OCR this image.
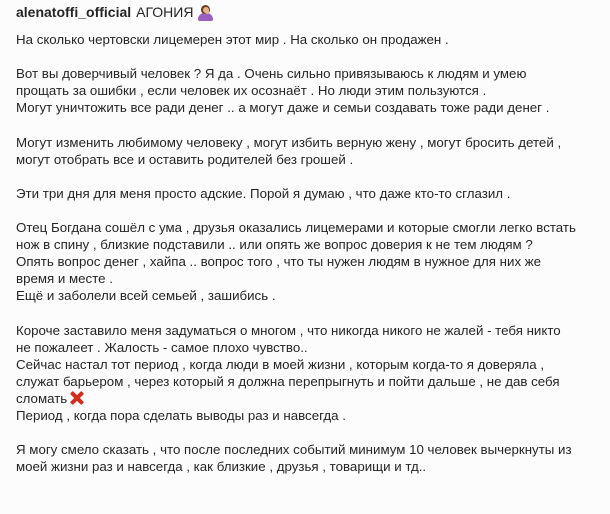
alenatoffi_official АГОНИЯ
На сколько чертовски лицемерен этот мир . На сколько он продажен .
Вот вы доверчивый человек ? Я да . Очень сильно привязываюсь к людям и умею
прощать за ошибки , если человек их осознаёт . Но люди этим пользуются .
Могут уничтожить все ради денег .. а могут даже и семьи создавать тоже ради денег .
Могут изменить любимому человеку , могут избить верную жену , могут бросить детей ,
могут отобрать все и оставить родителей без грошей .
Эти три дня для меня просто адские. Порой я думаю , что даже кто-то сглазил .
Отец Богдана сошёл с ума , друзья оказались лицемерами и которые смогли легко встать
нож в спину , близкие подставили .. или опять же вопрос доверия к не тем людям ?
Опять вопрос денег , хайпа .. вопрос того , что ты нужен людям в нужное для них же
время и месте .
Ещё и заболели всей семьей , зашибись .
Короче заставило меня задуматься о многом , что никогда никого не жалей - тебя никто
не пожалеет . Жалость - самое плохо чувство..
Сейчас настал тот период , когда люди в моей жизни , которым когда-то я доверяла ,
служат барьером , через который я должна перепрыгнуть и пойти дальше , не дав себя
сломать
Период , когда пора сделать выводы раз и навсегда .
Я могу смело сказать , что после последних событий минимум 10 человек вычеркнуты из
моей жизни раз и навсегда , как близкие , друзья , товарищи и тд..
